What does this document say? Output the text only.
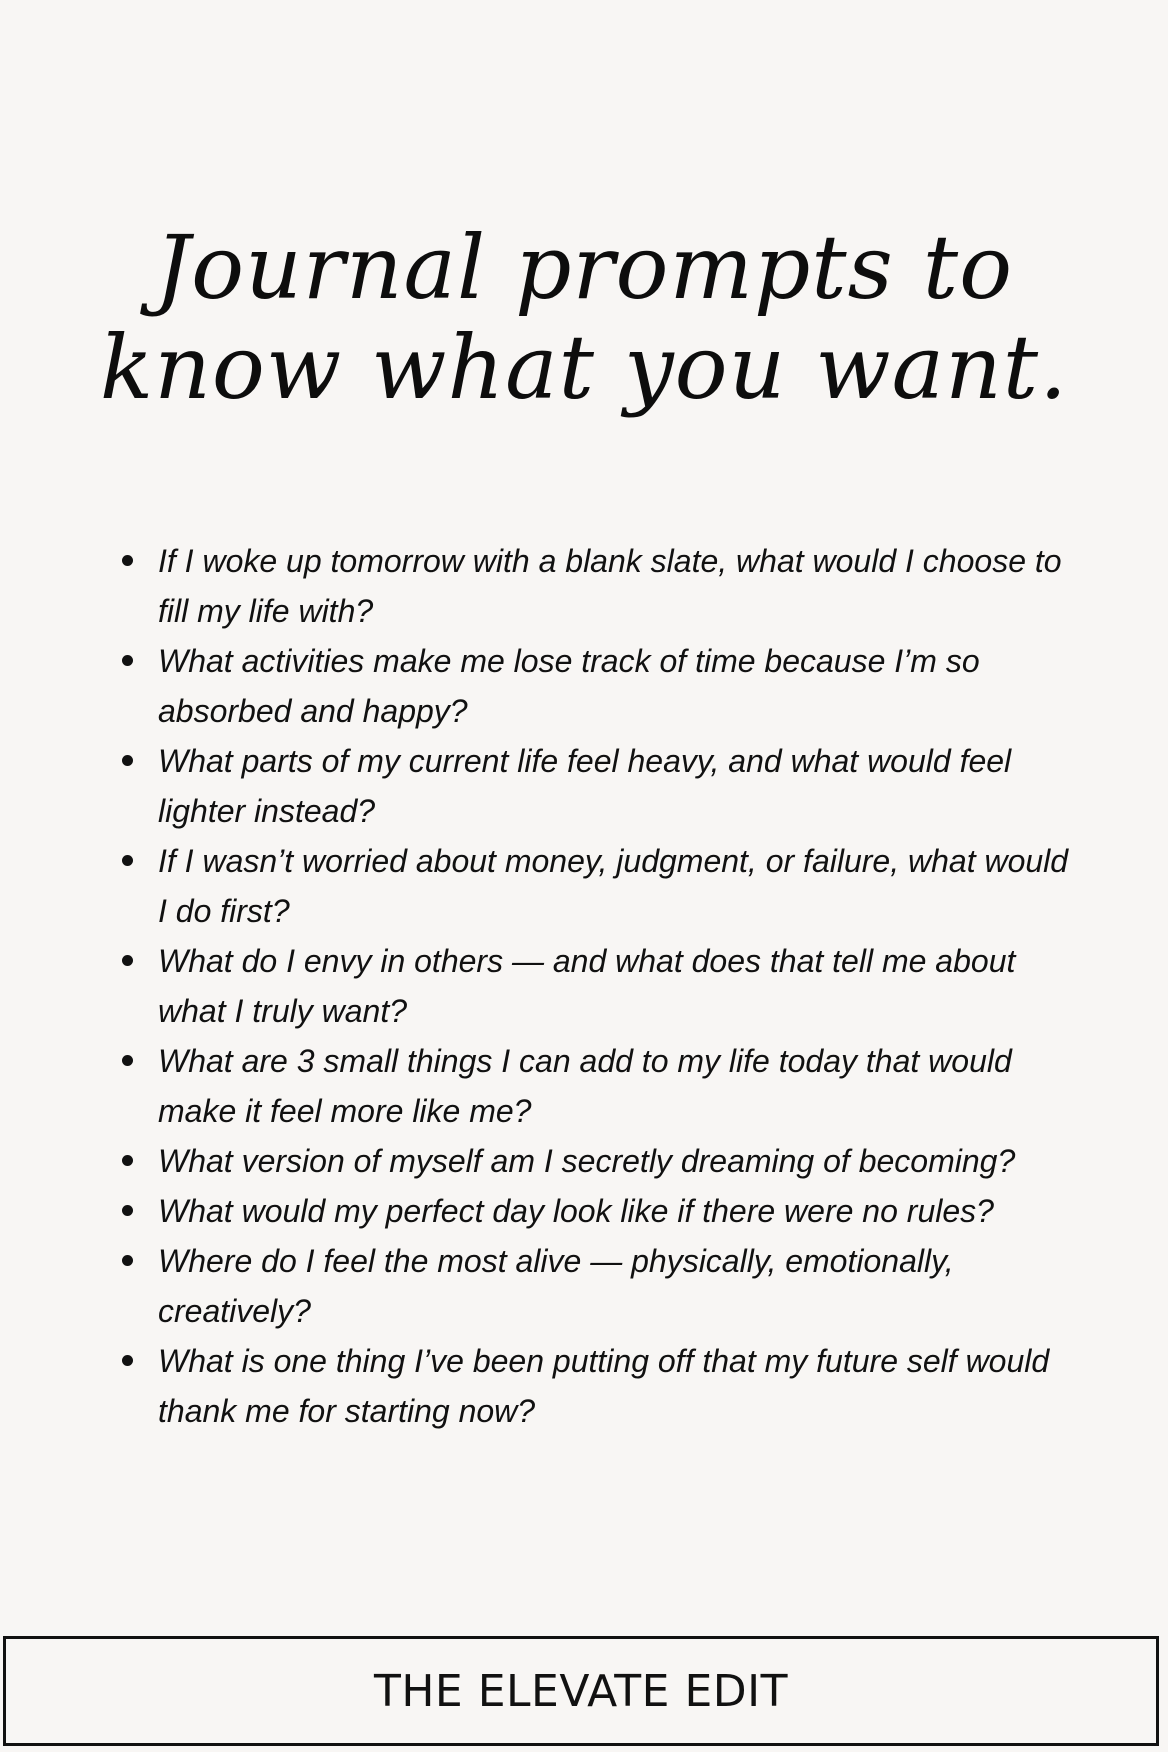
Journal prompts to
know what you want.
If I woke up tomorrow with a blank slate, what would I choose to fill my life with?
What activities make me lose track of time because I’m so absorbed and happy?
What parts of my current life feel heavy, and what would feel lighter instead?
If I wasn’t worried about money, judgment, or failure, what would I do first?
What do I envy in others — and what does that tell me about what I truly want?
What are 3 small things I can add to my life today that would make it feel more like me?
What version of myself am I secretly dreaming of becoming?
What would my perfect day look like if there were no rules?
Where do I feel the most alive — physically, emotionally, creatively?
What is one thing I’ve been putting off that my future self would thank me for starting now?
THE ELEVATE EDIT
